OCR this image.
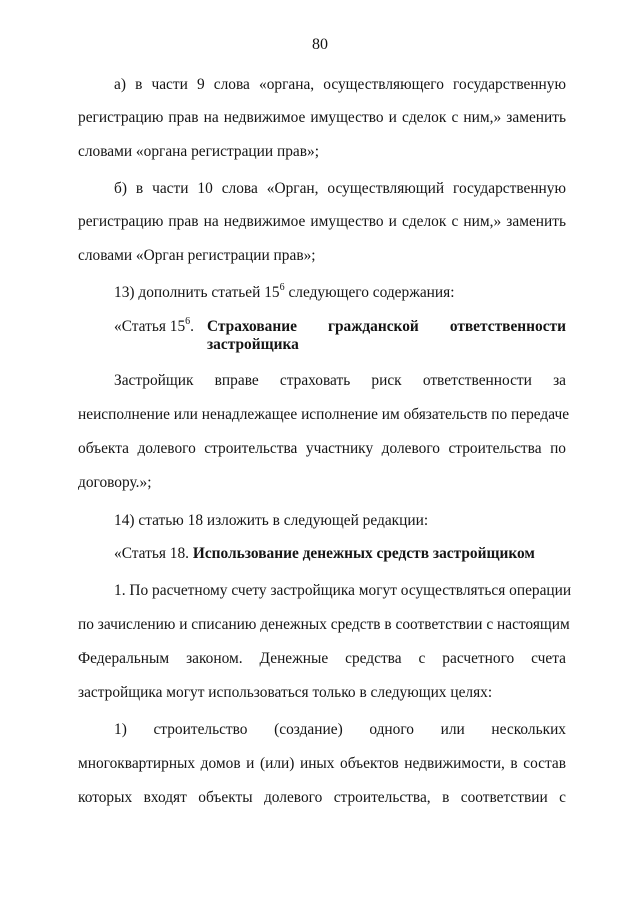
80
а) в части 9 слова «органа, осуществляющего государственную
регистрацию прав на недвижимое имущество и сделок с ним,» заменить
словами «органа регистрации прав»;
б) в части 10 слова «Орган, осуществляющий государственную
регистрацию прав на недвижимое имущество и сделок с ним,» заменить
словами «Орган регистрации прав»;
13) дополнить статьей $15^6$ следующего содержания:
«Статья $15^6$. Страхование гражданской ответственности
застройщика
Застройщик вправе страховать риск ответственности за
неисполнение или ненадлежащее исполнение им обязательств по передаче
объекта долевого строительства участнику долевого строительства по
договору.»;
14) статью 18 изложить в следующей редакции:
«Статья 18. Использование денежных средств застройщиком
1. По расчетному счету застройщика могут осуществляться операции
по зачислению и списанию денежных средств в соответствии с настоящим
Федеральным законом. Денежные средства с расчетного счета
застройщика могут использоваться только в следующих целях:
1) строительство (создание) одного или нескольких
многоквартирных домов и (или) иных объектов недвижимости, в состав
которых входят объекты долевого строительства, в соответствии с
